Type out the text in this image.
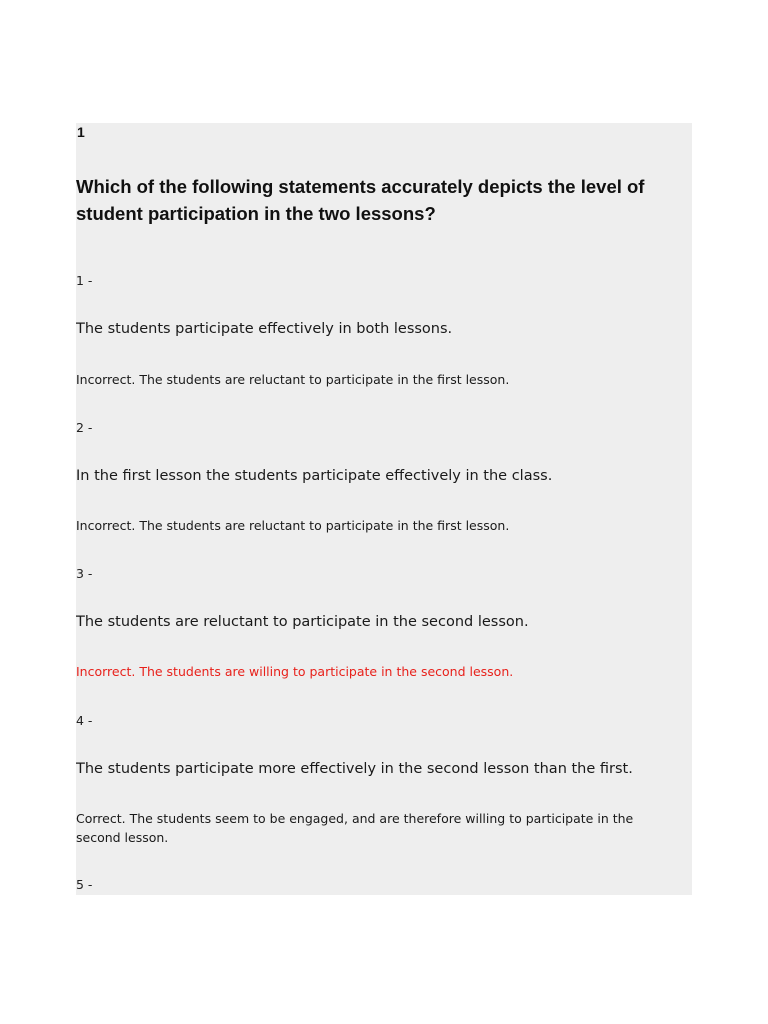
1
Which of the following statements accurately depicts the level of student participation in the two lessons?
1 -
The students participate effectively in both lessons.
Incorrect. The students are reluctant to participate in the first lesson.
2 -
In the first lesson the students participate effectively in the class.
Incorrect. The students are reluctant to participate in the first lesson.
3 -
The students are reluctant to participate in the second lesson.
Incorrect. The students are willing to participate in the second lesson.
4 -
The students participate more effectively in the second lesson than the first.
Correct. The students seem to be engaged, and are therefore willing to participate in the second lesson.
5 -
